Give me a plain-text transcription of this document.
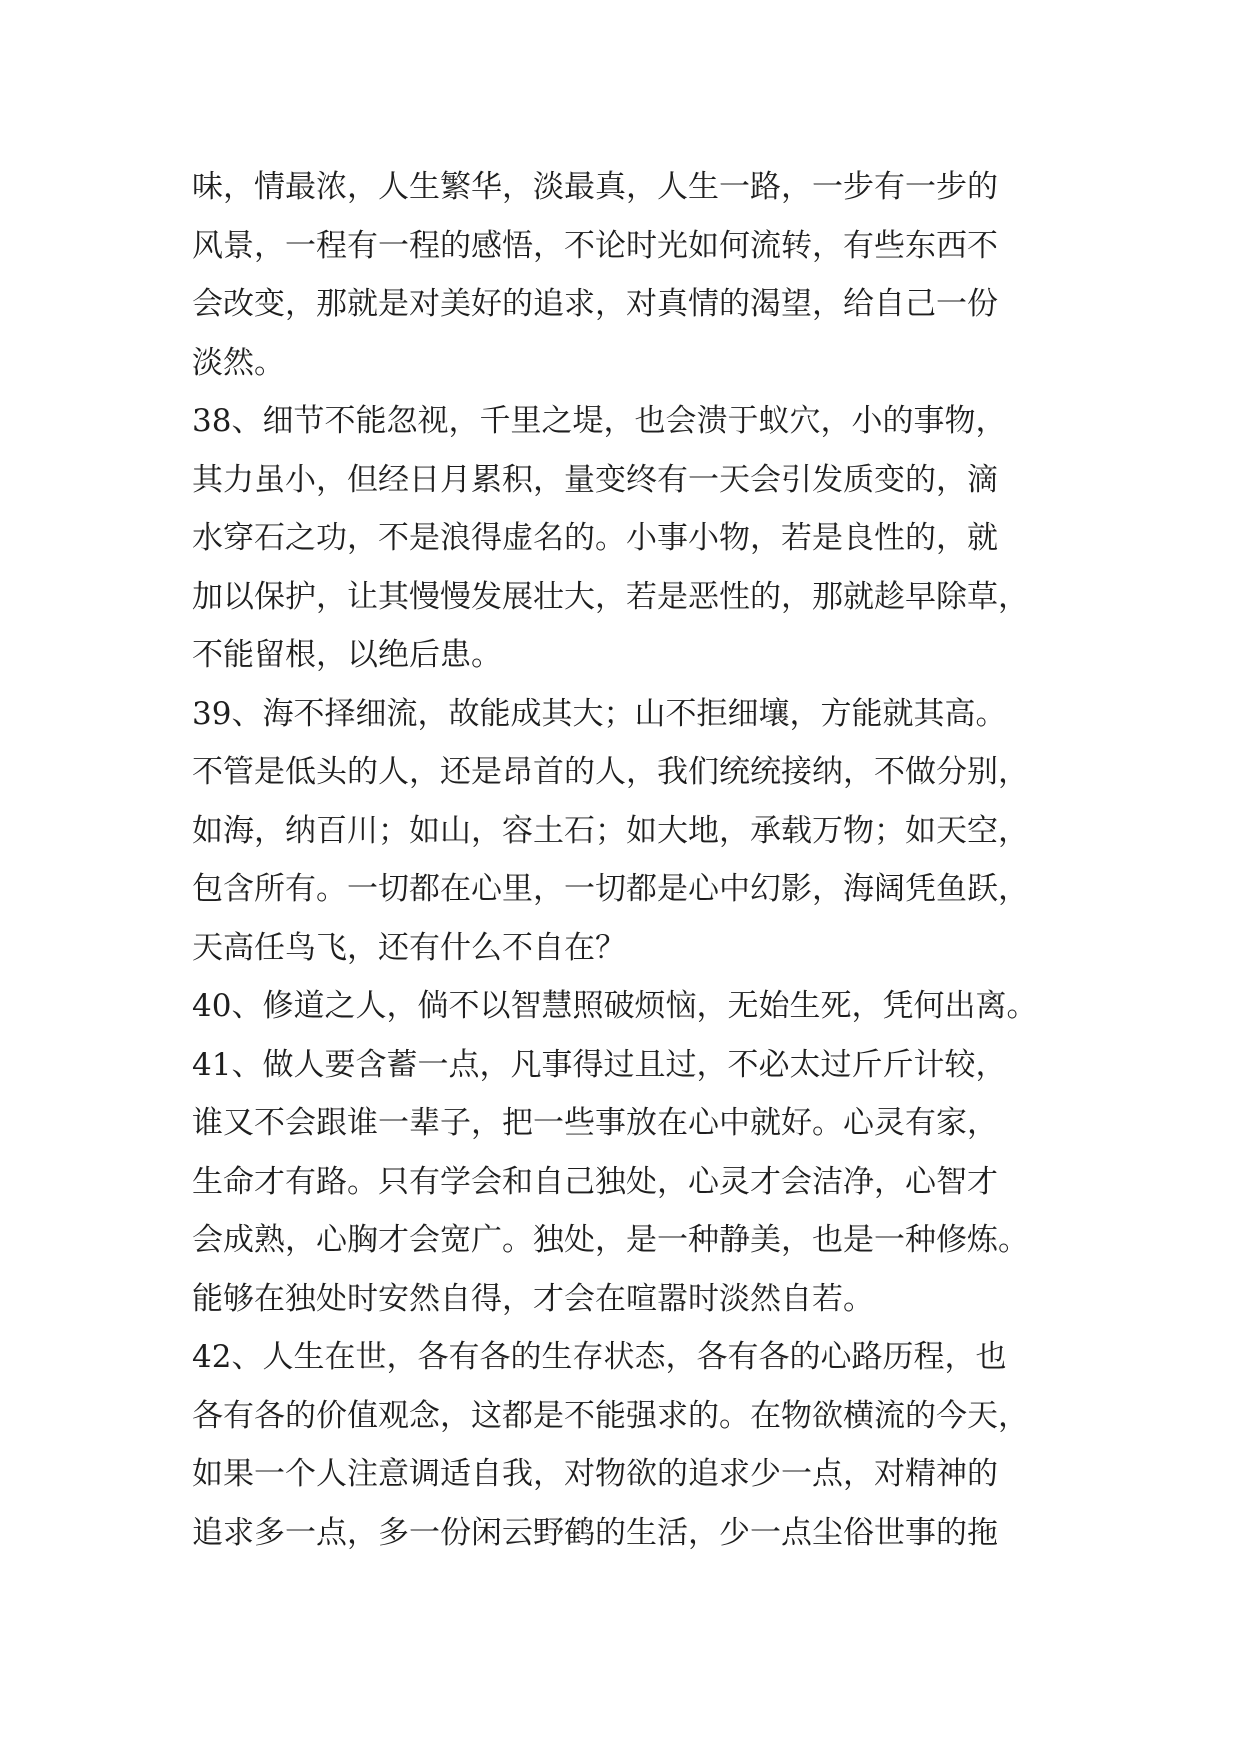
味，情最浓，人生繁华，淡最真，人生一路，一步有一步的
风景，一程有一程的感悟，不论时光如何流转，有些东西不
会改变，那就是对美好的追求，对真情的渴望，给自己一份
淡然。
38、细节不能忽视，千里之堤，也会溃于蚁穴，小的事物，
其力虽小，但经日月累积，量变终有一天会引发质变的，滴
水穿石之功，不是浪得虚名的。小事小物，若是良性的，就
加以保护，让其慢慢发展壮大，若是恶性的，那就趁早除草，
不能留根，以绝后患。
39、海不择细流，故能成其大；山不拒细壤，方能就其高。
不管是低头的人，还是昂首的人，我们统统接纳，不做分别，
如海，纳百川；如山，容土石；如大地，承载万物；如天空，
包含所有。一切都在心里，一切都是心中幻影，海阔凭鱼跃，
天高任鸟飞，还有什么不自在？
40、修道之人，倘不以智慧照破烦恼，无始生死，凭何出离。
41、做人要含蓄一点，凡事得过且过，不必太过斤斤计较，
谁又不会跟谁一辈子，把一些事放在心中就好。心灵有家，
生命才有路。只有学会和自己独处，心灵才会洁净，心智才
会成熟，心胸才会宽广。独处，是一种静美，也是一种修炼。
能够在独处时安然自得，才会在喧嚣时淡然自若。
42、人生在世，各有各的生存状态，各有各的心路历程，也
各有各的价值观念，这都是不能强求的。在物欲横流的今天，
如果一个人注意调适自我，对物欲的追求少一点，对精神的
追求多一点，多一份闲云野鹤的生活，少一点尘俗世事的拖
